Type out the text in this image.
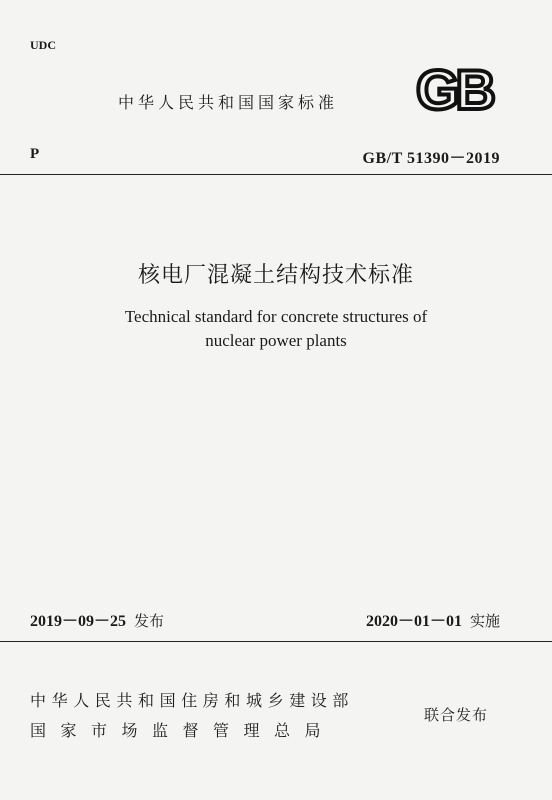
UDC
中华人民共和国国家标准 GB
P	GB/T 51390－2019
核电厂混凝土结构技术标准
Technical standard for concrete structures of
nuclear power plants
2019－09－25 发布	2020－01－01 实施
中华人民共和国住房和城乡建设部
国家市场监督管理总局
联合发布
